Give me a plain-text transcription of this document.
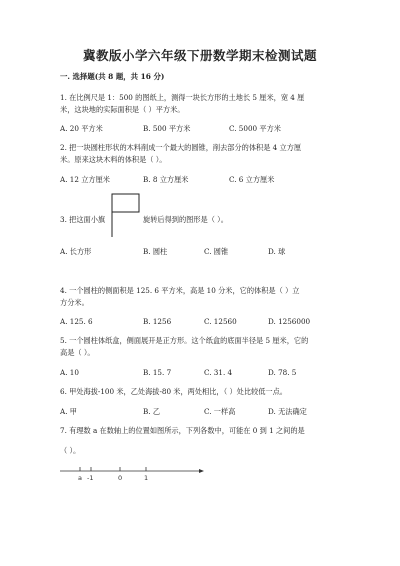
冀教版小学六年级下册数学期末检测试题
一. 选择题(共 8 题，共 16 分)
1. 在比例尺是 1：500 的图纸上，测得一块长方形的土地长 5 厘米，宽 4 厘
米，这块地的实际面积是（ ）平方米。
A. 20 平方米	B. 500 平方米	C. 5000 平方米
2. 把一块圆柱形状的木料削成一个最大的圆锥，削去部分的体积是 4 立方厘
米。原来这块木料的体积是（ ）。
A. 12 立方厘米	B. 8 立方厘米	C. 6 立方厘米
3. 把这面小旗	旋转后得到的图形是（ ）。
A. 长方形	B. 圆柱	C. 圆锥	D. 球
4. 一个圆柱的侧面积是 125. 6 平方米，高是 10 分米，它的体积是（ ）立
方分米。
A. 125. 6	B. 1256	C. 12560	D. 1256000
5. 一个圆柱体纸盒，侧面展开是正方形。这个纸盒的底面半径是 5 厘米，它的
高是（ ）。
A. 10	B. 15. 7	C. 31. 4	D. 78. 5
6. 甲处海拔-100 米，乙处海拔-80 米，两处相比，（ ）处比较低一点。
A. 甲	B. 乙	C. 一样高	D. 无法确定
7. 有理数 a 在数轴上的位置如图所示，下列各数中，可能在 0 到 1 之间的是
（ ）。
a -1	0	1
